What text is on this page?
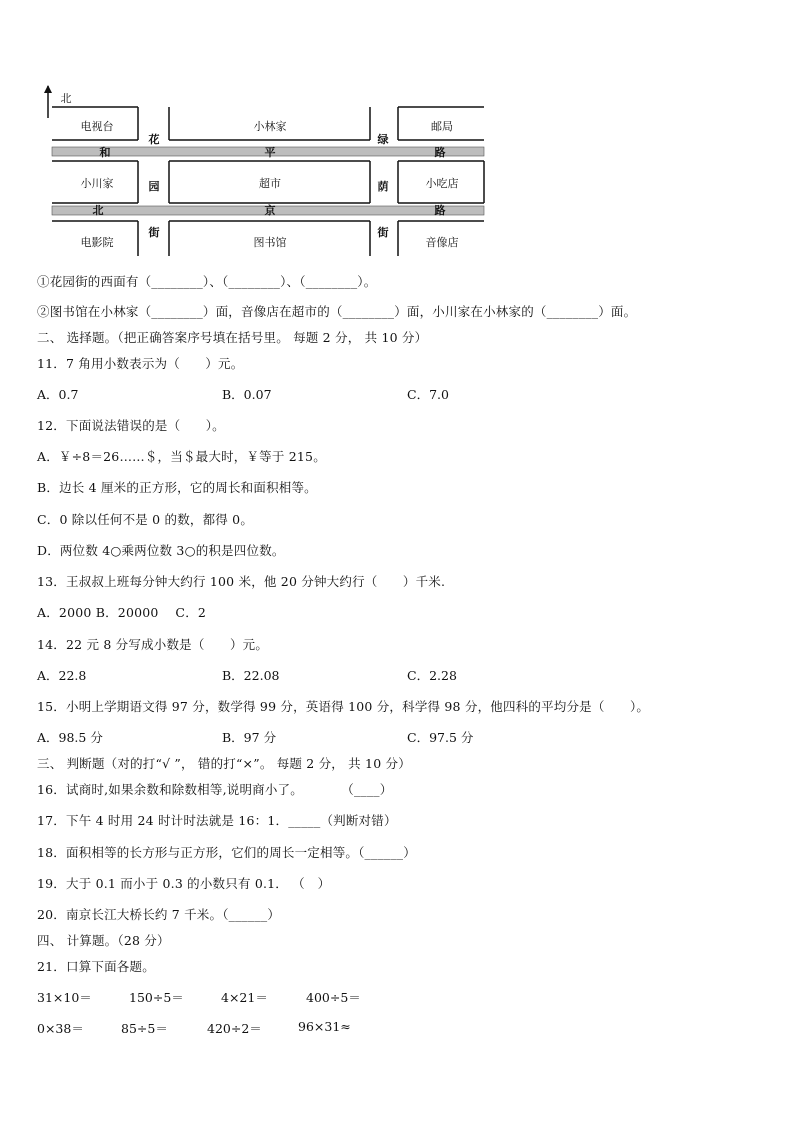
北
电视台	小林家	邮局
小川家	超市	小吃店
电影院	图书馆	音像店
花
园
街
绿
荫
街
和	平	路
北	京	路
①花园街的西面有（________）、（________）、（________）。
②图书馆在小林家（________）面，音像店在超市的（________）面，小川家在小林家的（________）面。
二、 选择题。（把正确答案序号填在括号里。 每题 2 分， 共 10 分）
11．7 角用小数表示为（　　）元。
A．0.7	B．0.07	C．7.0
12．下面说法错误的是（　　）。
A．￥÷8＝26……＄，当＄最大时，￥等于 215。
B．边长 4 厘米的正方形，它的周长和面积相等。
C．0 除以任何不是 0 的数，都得 0。
D．两位数 4○乘两位数 3○的积是四位数。
13．王叔叔上班每分钟大约行 100 米，他 20 分钟大约行（　　）千米.
A．2000 B．20000　 C．2
14．22 元 8 分写成小数是（　　）元。
A．22.8	B．22.08	C．2.28
15．小明上学期语文得 97 分，数学得 99 分，英语得 100 分，科学得 98 分，他四科的平均分是（　　）。
A．98.5 分	B．97 分	C．97.5 分
三、 判断题（对的打“√ ”， 错的打“×”。 每题 2 分， 共 10 分）
16．试商时,如果余数和除数相等,说明商小了。　　　　（____）
17．下午 4 时用 24 时计时法就是 16：1．_____（判断对错）
18．面积相等的长方形与正方形，它们的周长一定相等。（______）
19．大于 0.1 而小于 0.3 的小数只有 0.1． （　）
20．南京长江大桥长约 7 千米。（______）
四、 计算题。（28 分）
21．口算下面各题。
31×10＝	150÷5＝	4×21＝	400÷5＝
0×38＝	85÷5＝	420÷2＝	96×31≈
